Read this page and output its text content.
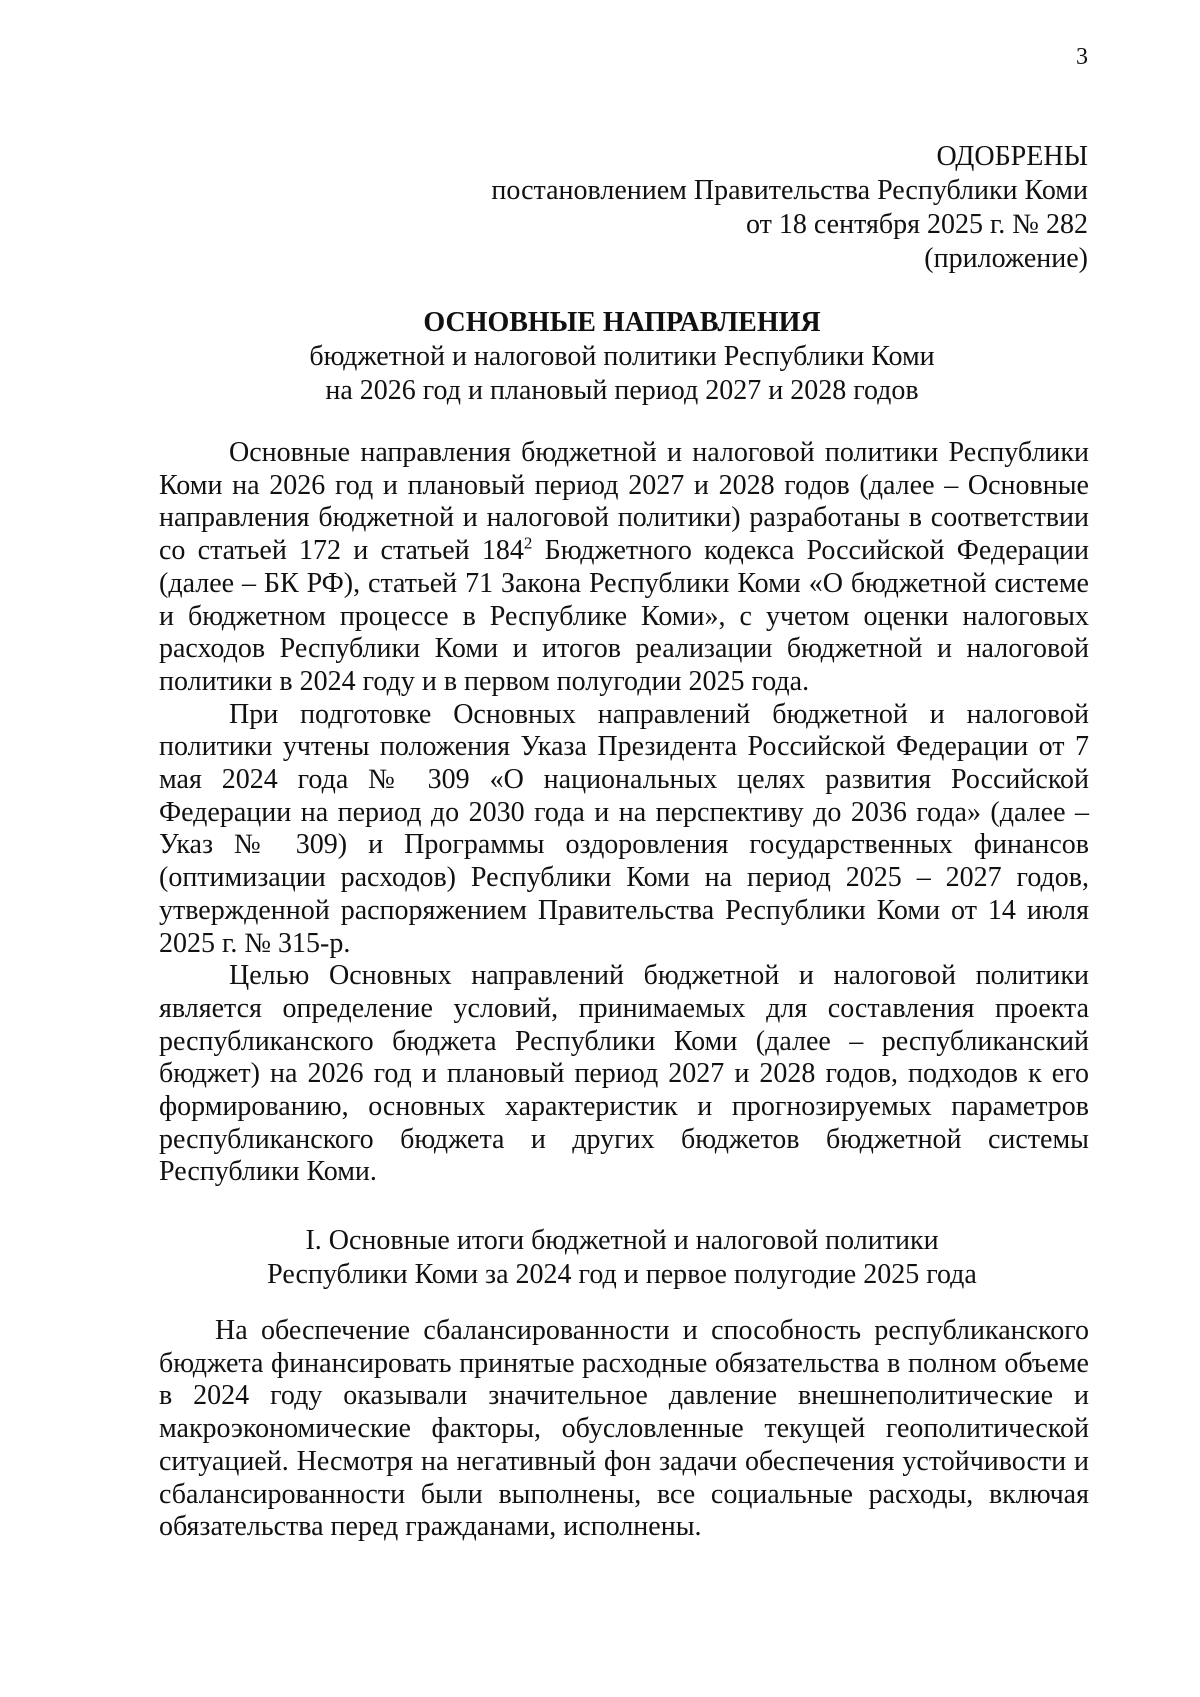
3
ОДОБРЕНЫ
постановлением Правительства Республики Коми
от 18 сентября 2025 г. № 282
(приложение)
ОСНОВНЫЕ НАПРАВЛЕНИЯ
бюджетной и налоговой политики Республики Коми
на 2026 год и плановый период 2027 и 2028 годов

Основные направления бюджетной и налоговой политики Республики Коми на 2026 год и плановый период 2027 и 2028 годов (далее – Основные направления бюджетной и налоговой политики) разработаны в соответствии со статьей 172 и статьей $184^2$ Бюджетного кодекса Российской Федерации (далее – БК РФ), статьей 71 Закона Республики Коми «О бюджетной системе и бюджетном процессе в Республике Коми», с учетом оценки налоговых расходов Республики Коми и итогов реализации бюджетной и налоговой политики в 2024 году и в первом полугодии 2025 года.

При подготовке Основных направлений бюджетной и налоговой политики учтены положения Указа Президента Российской Федерации от 7 мая 2024 года № 309 «О национальных целях развития Российской Федерации на период до 2030 года и на перспективу до 2036 года» (далее – Указ № 309) и Программы оздоровления государственных финансов (оптимизации расходов) Республики Коми на период 2025 – 2027 годов, утвержденной распоряжением Правительства Республики Коми от 14 июля 2025 г. № 315-р.

Целью Основных направлений бюджетной и налоговой политики является определение условий, принимаемых для составления проекта республиканского бюджета Республики Коми (далее – республиканский бюджет) на 2026 год и плановый период 2027 и 2028 годов, подходов к его формированию, основных характеристик и прогнозируемых параметров республиканского бюджета и других бюджетов бюджетной системы Республики Коми.

I. Основные итоги бюджетной и налоговой политики
Республики Коми за 2024 год и первое полугодие 2025 года

На обеспечение сбалансированности и способность республиканского бюджета финансировать принятые расходные обязательства в полном объеме в 2024 году оказывали значительное давление внешнеполитические и макроэкономические факторы, обусловленные текущей геополитической ситуацией. Несмотря на негативный фон задачи обеспечения устойчивости и сбалансированности были выполнены, все социальные расходы, включая обязательства перед гражданами, исполнены.
